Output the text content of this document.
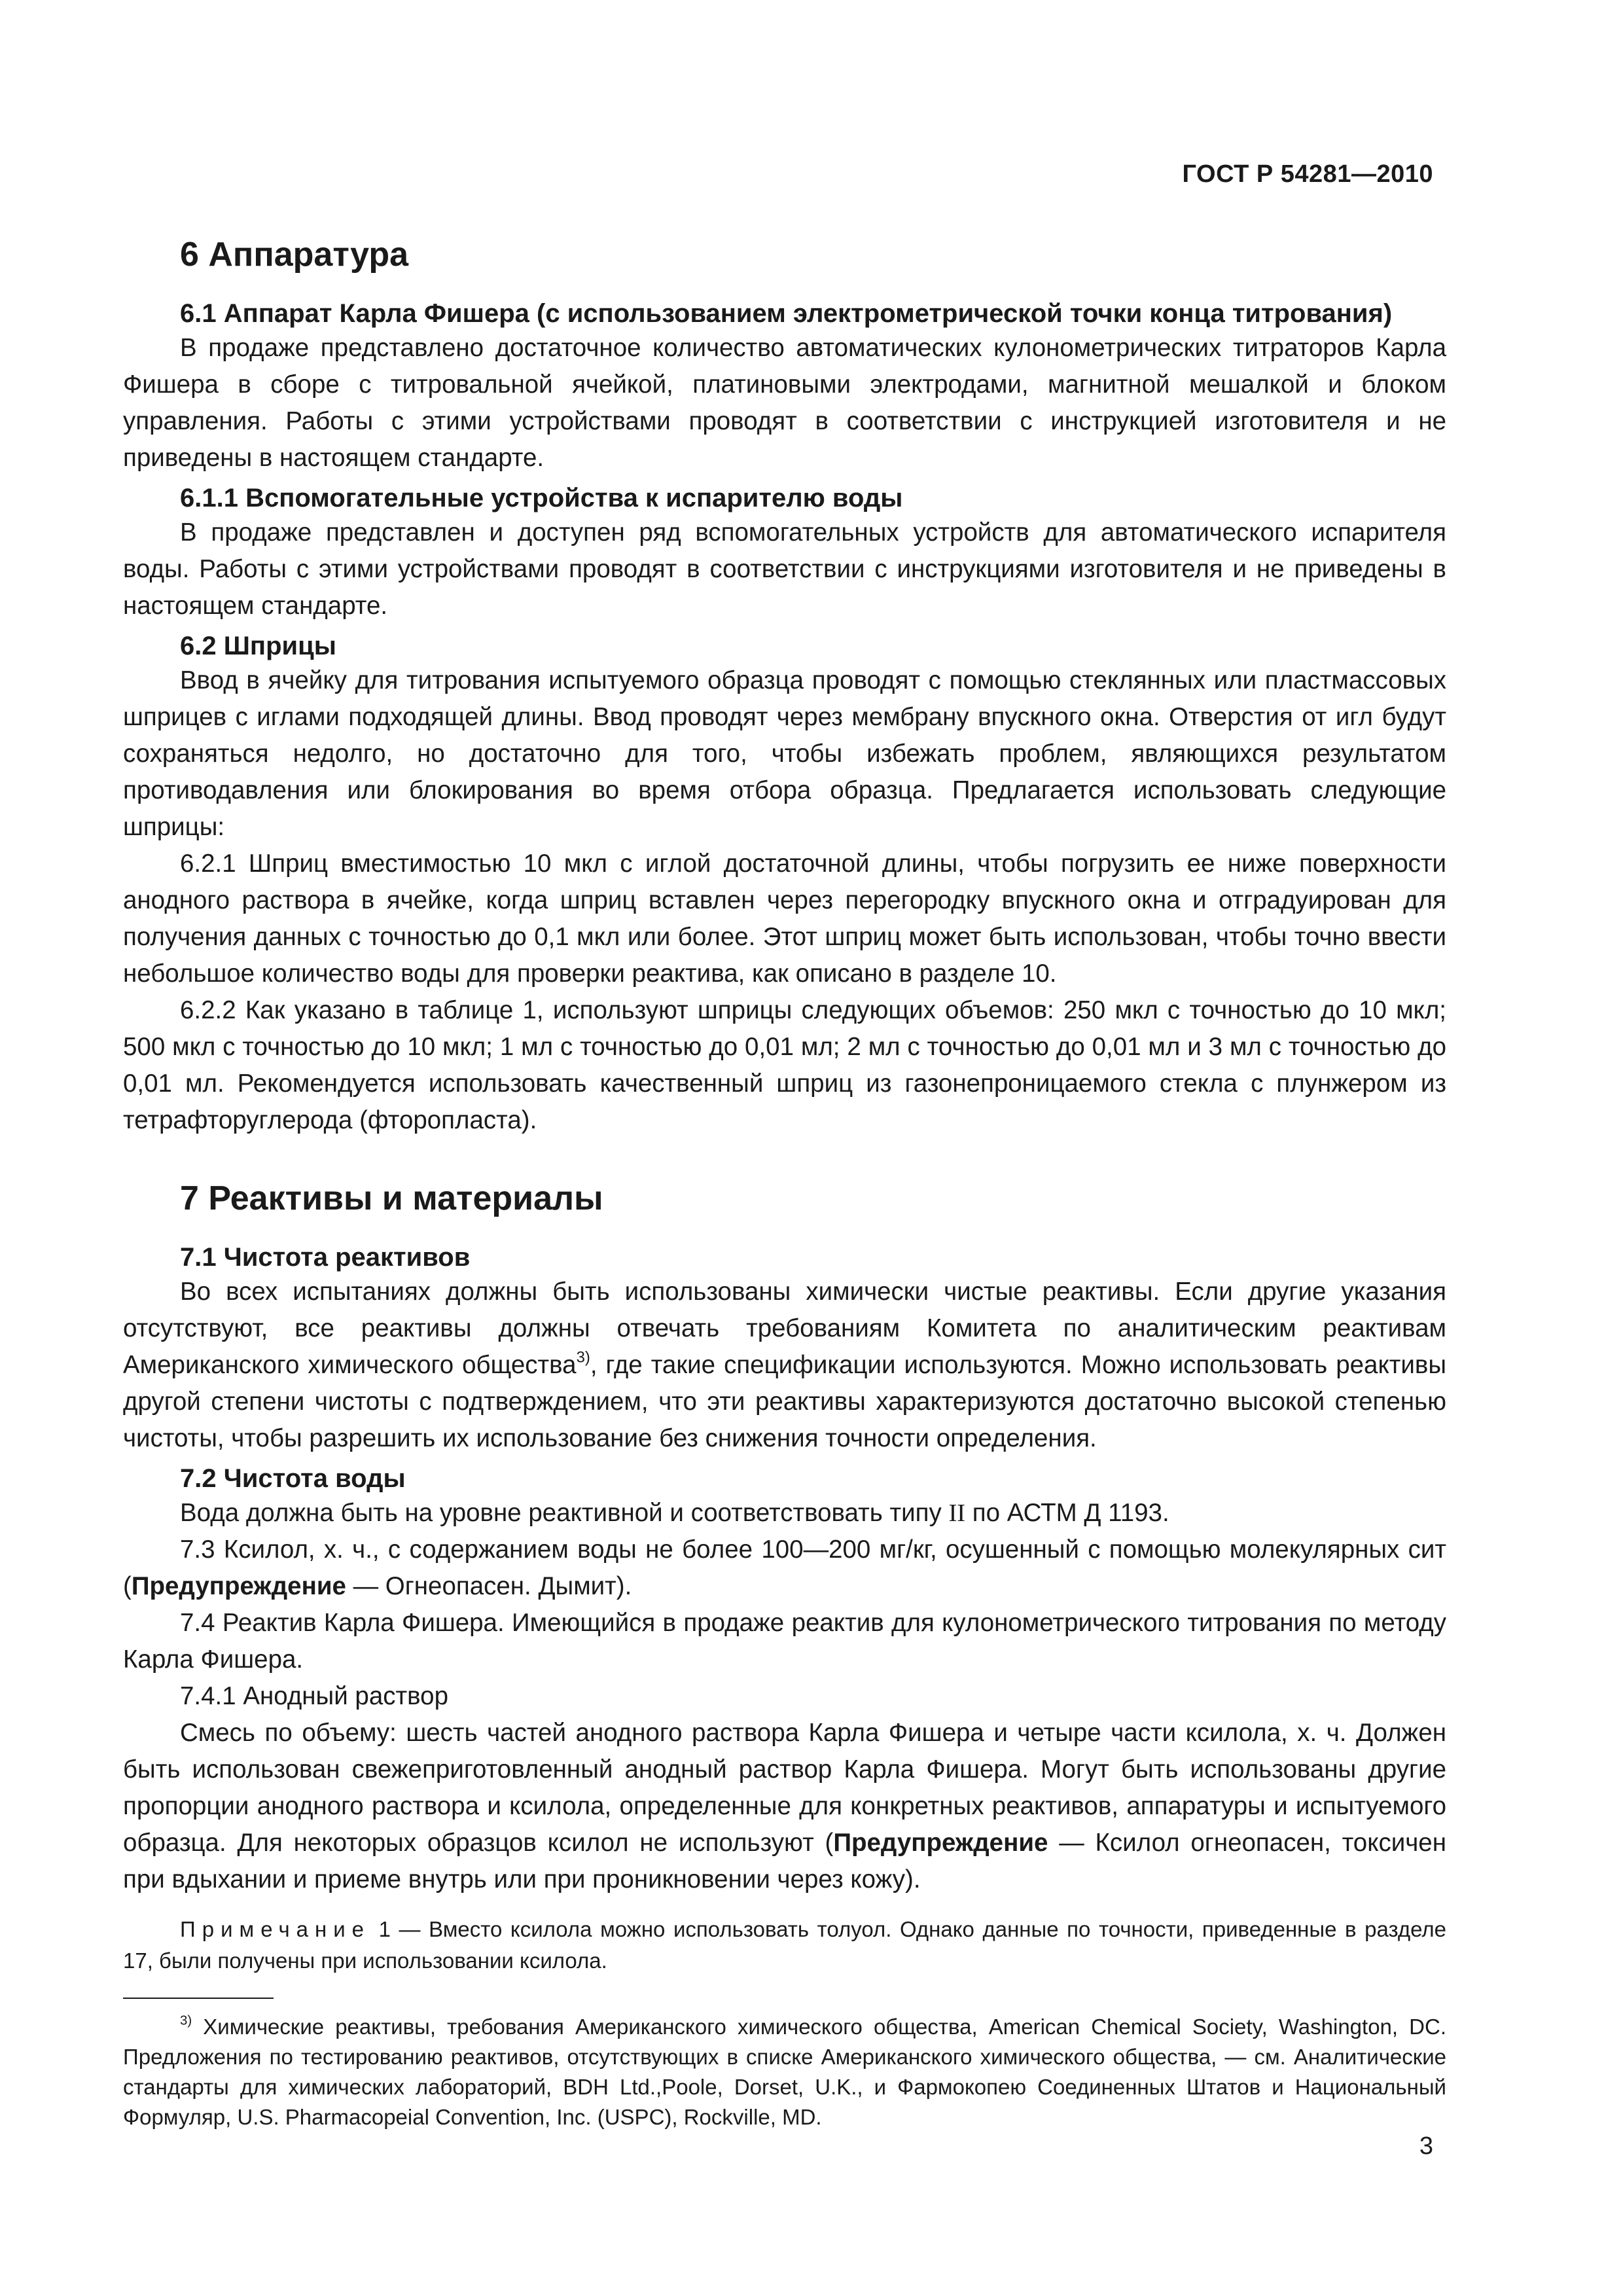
ГОСТ Р 54281—2010
6 Аппаратура
6.1 Аппарат Карла Фишера (с использованием электрометрической точки конца титрования)

В продаже представлено достаточное количество автоматических кулонометрических титраторов Карла Фишера в сборе с титровальной ячейкой, платиновыми электродами, магнитной мешалкой и блоком управления. Работы с этими устройствами проводят в соответствии с инструкцией изготовителя и не приведены в настоящем стандарте.

6.1.1 Вспомогательные устройства к испарителю воды

В продаже представлен и доступен ряд вспомогательных устройств для автоматического испарителя воды. Работы с этими устройствами проводят в соответствии с инструкциями изготовителя и не приведены в настоящем стандарте.

6.2 Шприцы

Ввод в ячейку для титрования испытуемого образца проводят с помощью стеклянных или пластмассовых шприцев с иглами подходящей длины. Ввод проводят через мембрану впускного окна. Отверстия от игл будут сохраняться недолго, но достаточно для того, чтобы избежать проблем, являющихся результатом противодавления или блокирования во время отбора образца. Предлагается использовать следующие шприцы:

6.2.1 Шприц вместимостью 10 мкл с иглой достаточной длины, чтобы погрузить ее ниже поверхности анодного раствора в ячейке, когда шприц вставлен через перегородку впускного окна и отградуирован для получения данных с точностью до 0,1 мкл или более. Этот шприц может быть использован, чтобы точно ввести небольшое количество воды для проверки реактива, как описано в разделе 10.

6.2.2 Как указано в таблице 1, используют шприцы следующих объемов: 250 мкл с точностью до 10 мкл; 500 мкл с точностью до 10 мкл; 1 мл с точностью до 0,01 мл; 2 мл с точностью до 0,01 мл и 3 мл с точностью до 0,01 мл. Рекомендуется использовать качественный шприц из газонепроницаемого стекла с плунжером из тетрафторуглерода (фторопласта).

7 Реактивы и материалы
7.1 Чистота реактивов

Во всех испытаниях должны быть использованы химически чистые реактивы. Если другие указания отсутствуют, все реактивы должны отвечать требованиям Комитета по аналитическим реактивам Американского химического общества$^{3)}$, где такие спецификации используются. Можно использовать реактивы другой степени чистоты с подтверждением, что эти реактивы характеризуются достаточно высокой степенью чистоты, чтобы разрешить их использование без снижения точности определения.

7.2 Чистота воды

Вода должна быть на уровне реактивной и соответствовать типу II по АСТМ Д 1193.

7.3 Ксилол, х. ч., с содержанием воды не более 100—200 мг/кг, осушенный с помощью молекулярных сит (Предупреждение — Огнеопасен. Дымит).

7.4 Реактив Карла Фишера. Имеющийся в продаже реактив для кулонометрического титрования по методу Карла Фишера.

7.4.1 Анодный раствор

Смесь по объему: шесть частей анодного раствора Карла Фишера и четыре части ксилола, х. ч. Должен быть использован свежеприготовленный анодный раствор Карла Фишера. Могут быть использованы другие пропорции анодного раствора и ксилола, определенные для конкретных реактивов, аппаратуры и испытуемого образца. Для некоторых образцов ксилол не используют (Предупреждение — Ксилол огнеопасен, токсичен при вдыхании и приеме внутрь или при проникновении через кожу).

Примечание 1 — Вместо ксилола можно использовать толуол. Однако данные по точности, приведенные в разделе 17, были получены при использовании ксилола.

$^{3)}$ Химические реактивы, требования Американского химического общества, American Chemical Society, Washington, DC. Предложения по тестированию реактивов, отсутствующих в списке Американского химического общества, — см. Аналитические стандарты для химических лабораторий, BDH Ltd.,Poole, Dorset, U.K., и Фармокопею Соединенных Штатов и Национальный Формуляр, U.S. Pharmacopeial Convention, Inc. (USPC), Rockville, MD.

3
